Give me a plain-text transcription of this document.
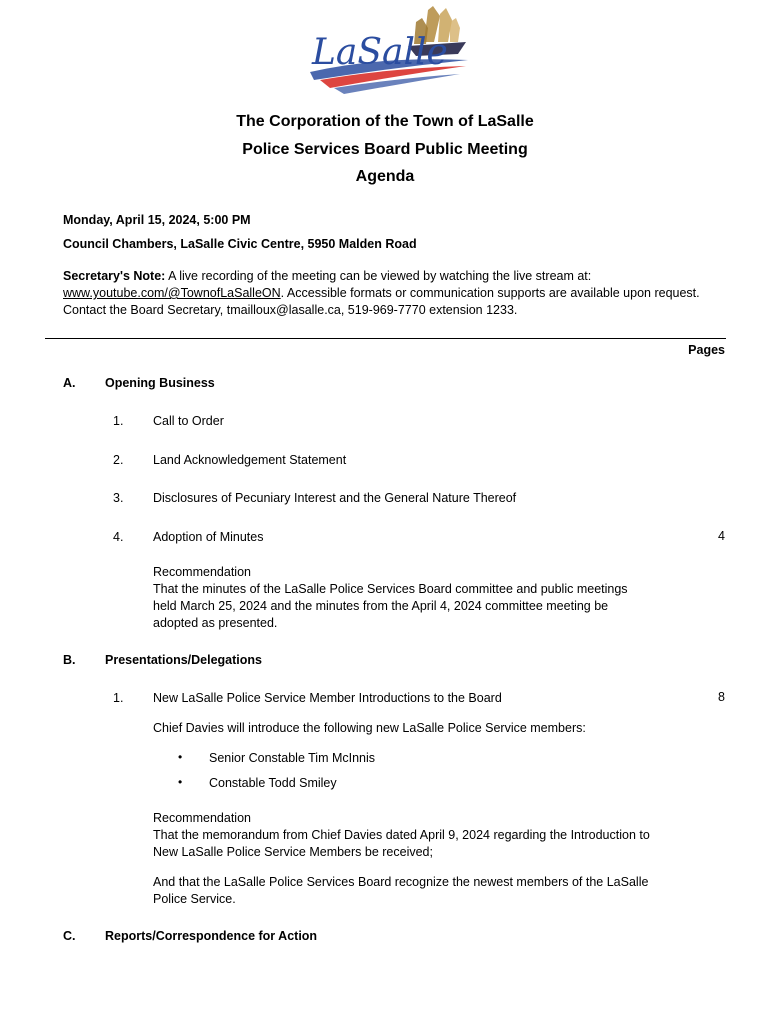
LaSalle
The Corporation of the Town of LaSalle
Police Services Board Public Meeting
Agenda
Monday, April 15, 2024, 5:00 PM
Council Chambers, LaSalle Civic Centre, 5950 Malden Road
Secretary's Note: A live recording of the meeting can be viewed by watching the live stream at:
www.youtube.com/@TownofLaSalleON. Accessible formats or communication supports are available upon request. Contact the Board Secretary, tmailloux@lasalle.ca, 519-969-7770 extension 1233.
Pages
A. Opening Business
1. Call to Order
2. Land Acknowledgement Statement
3. Disclosures of Pecuniary Interest and the General Nature Thereof
4. Adoption of Minutes	4
Recommendation
That the minutes of the LaSalle Police Services Board committee and public meetings held March 25, 2024 and the minutes from the April 4, 2024 committee meeting be adopted as presented.
B. Presentations/Delegations
1. New LaSalle Police Service Member Introductions to the Board	8
Chief Davies will introduce the following new LaSalle Police Service members:
• Senior Constable Tim McInnis
• Constable Todd Smiley
Recommendation
That the memorandum from Chief Davies dated April 9, 2024 regarding the Introduction to New LaSalle Police Service Members be received;
And that the LaSalle Police Services Board recognize the newest members of the LaSalle Police Service.
C. Reports/Correspondence for Action
